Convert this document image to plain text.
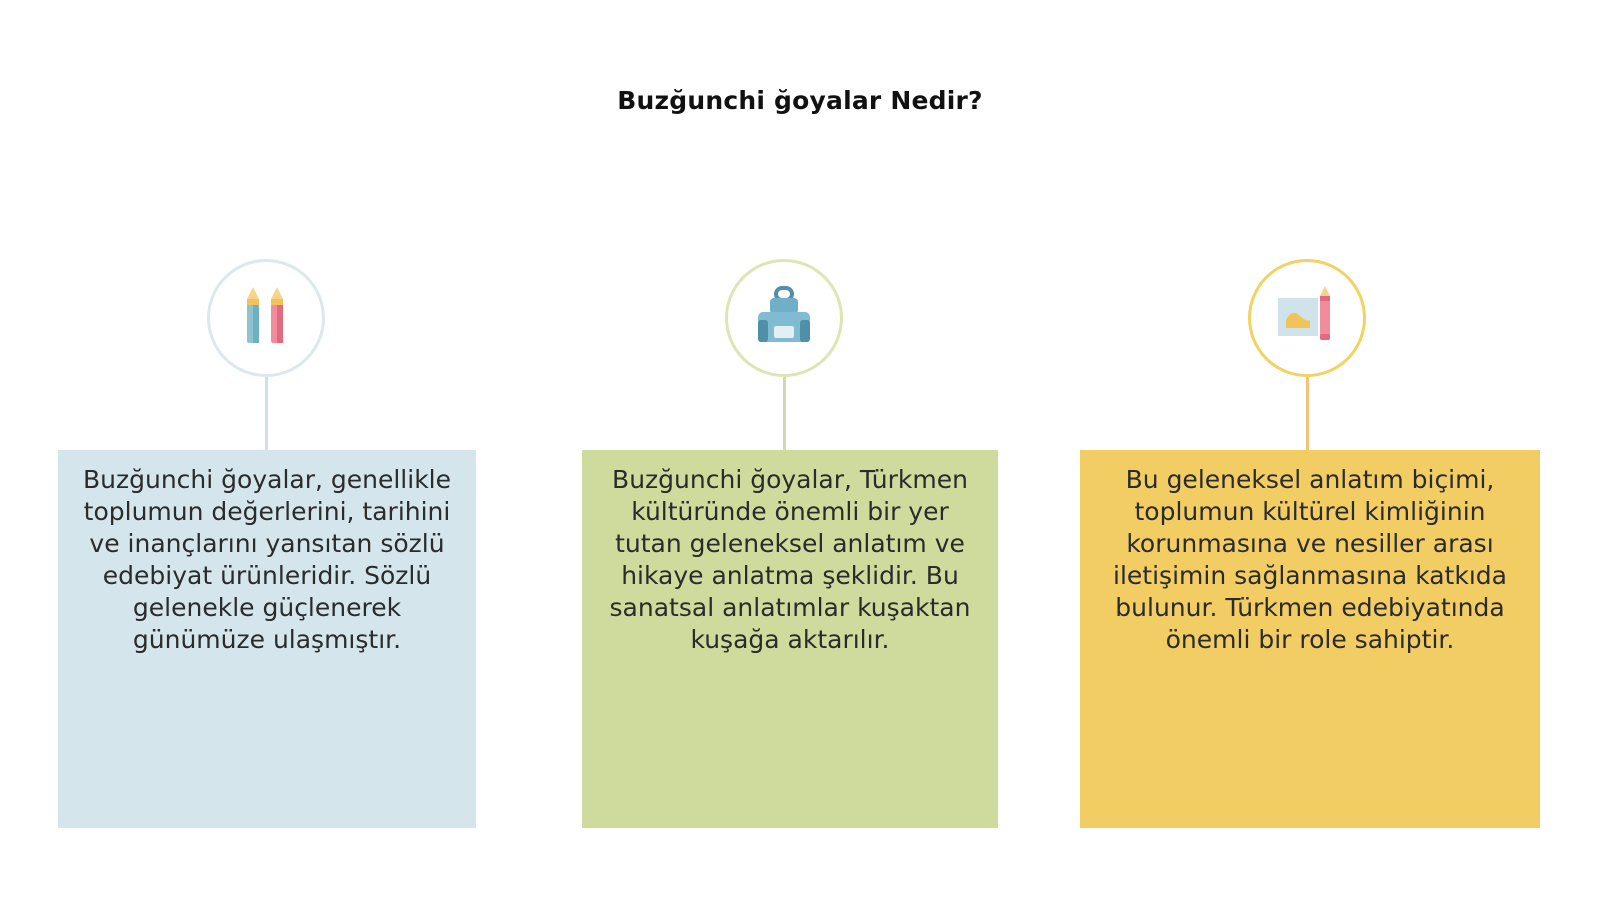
Buzğunchi ğoyalar Nedir?
Buzğunchi ğoyalar, genellikle toplumun değerlerini, tarihini ve inançlarını yansıtan sözlü edebiyat ürünleridir. Sözlü gelenekle güçlenerek günümüze ulaşmıştır.
Buzğunchi ğoyalar, Türkmen kültüründe önemli bir yer tutan geleneksel anlatım ve hikaye anlatma şeklidir. Bu sanatsal anlatımlar kuşaktan kuşağa aktarılır.
Bu geleneksel anlatım biçimi, toplumun kültürel kimliğinin korunmasına ve nesiller arası iletişimin sağlanmasına katkıda bulunur. Türkmen edebiyatında önemli bir role sahiptir.
